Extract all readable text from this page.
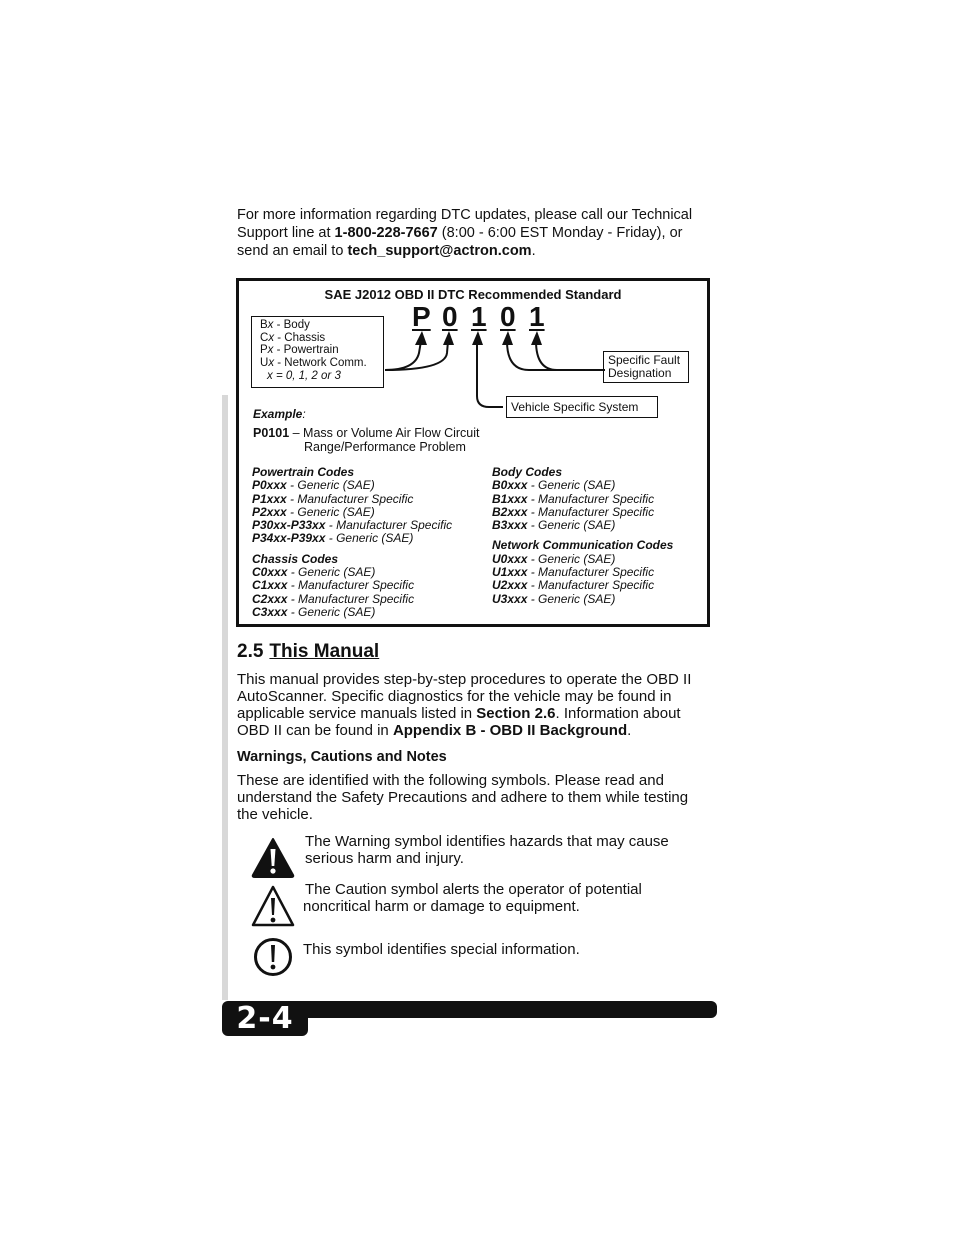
For more information regarding DTC updates, please call our Technical Support line at 1-800-228-7667 (8:00 - 6:00 EST Monday - Friday), or send an email to tech_support@actron.com.
SAE J2012 OBD II DTC Recommended Standard
Bx - Body
Cx - Chassis
Px - Powertrain
Ux - Network Comm.
x = 0, 1, 2 or 3
P 0 1 0 1
Specific Fault Designation
Vehicle Specific System
Example:
P0101 – Mass or Volume Air Flow Circuit
Range/Performance Problem
Powertrain Codes
P0xxx - Generic (SAE)
P1xxx - Manufacturer Specific
P2xxx - Generic (SAE)
P30xx-P33xx - Manufacturer Specific
P34xx-P39xx - Generic (SAE)
Chassis Codes
C0xxx - Generic (SAE)
C1xxx - Manufacturer Specific
C2xxx - Manufacturer Specific
C3xxx - Generic (SAE)
Body Codes
B0xxx - Generic (SAE)
B1xxx - Manufacturer Specific
B2xxx - Manufacturer Specific
B3xxx - Generic (SAE)
Network Communication Codes
U0xxx - Generic (SAE)
U1xxx - Manufacturer Specific
U2xxx - Manufacturer Specific
U3xxx - Generic (SAE)
2.5 This Manual
This manual provides step-by-step procedures to operate the OBD II AutoScanner. Specific diagnostics for the vehicle may be found in applicable service manuals listed in Section 2.6. Information about OBD II can be found in Appendix B - OBD II Background.
Warnings, Cautions and Notes
These are identified with the following symbols. Please read and understand the Safety Precautions and adhere to them while testing the vehicle.
The Warning symbol identifies hazards that may cause serious harm and injury.
The Caution symbol alerts the operator of potential noncritical harm or damage to equipment.
This symbol identifies special information.
2-4
